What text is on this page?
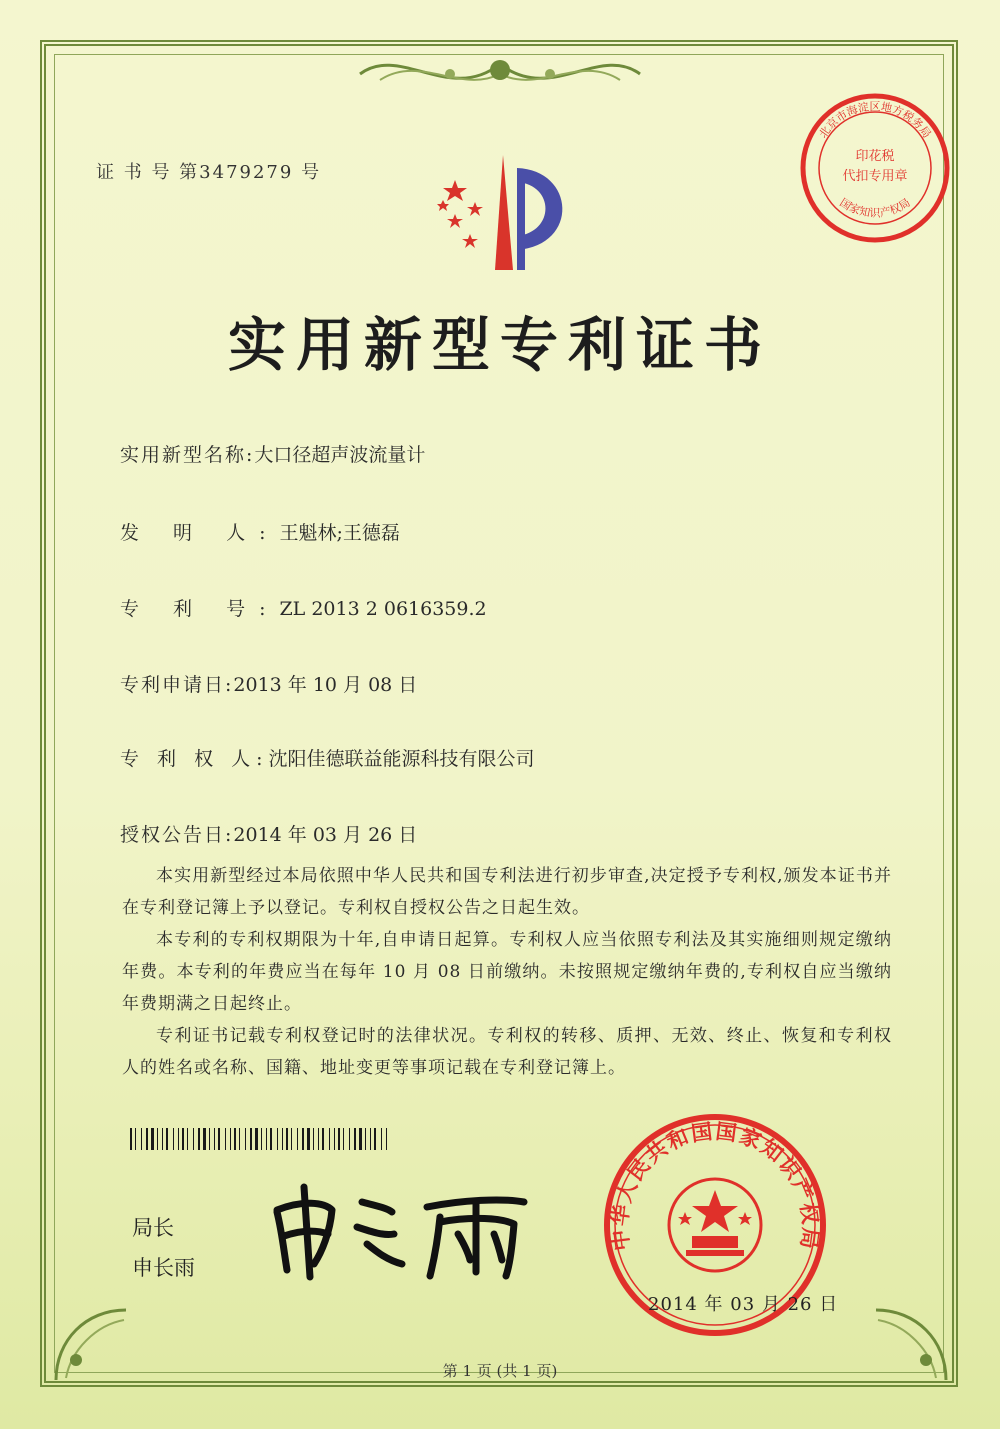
证 书 号 第3479279 号
印花税
代扣专用章
北京市海淀区地方税务局
国家知识产权局
实用新型专利证书
实用新型名称:大口径超声波流量计
发 明 人:王魁林;王德磊
专 利 号:ZL 2013 2 0616359.2
专利申请日:2013 年 10 月 08 日
专 利 权 人:沈阳佳德联益能源科技有限公司
授权公告日:2014 年 03 月 26 日

本实用新型经过本局依照中华人民共和国专利法进行初步审查,决定授予专利权,颁发本证书并在专利登记簿上予以登记。专利权自授权公告之日起生效。

本专利的专利权期限为十年,自申请日起算。专利权人应当依照专利法及其实施细则规定缴纳年费。本专利的年费应当在每年 10 月 08 日前缴纳。未按照规定缴纳年费的,专利权自应当缴纳年费期满之日起终止。

专利证书记载专利权登记时的法律状况。专利权的转移、质押、无效、终止、恢复和专利权人的姓名或名称、国籍、地址变更等事项记载在专利登记簿上。

局长
申长雨
中华人民共和国国家知识产权局
2014 年 03 月 26 日
第 1 页 (共 1 页)
